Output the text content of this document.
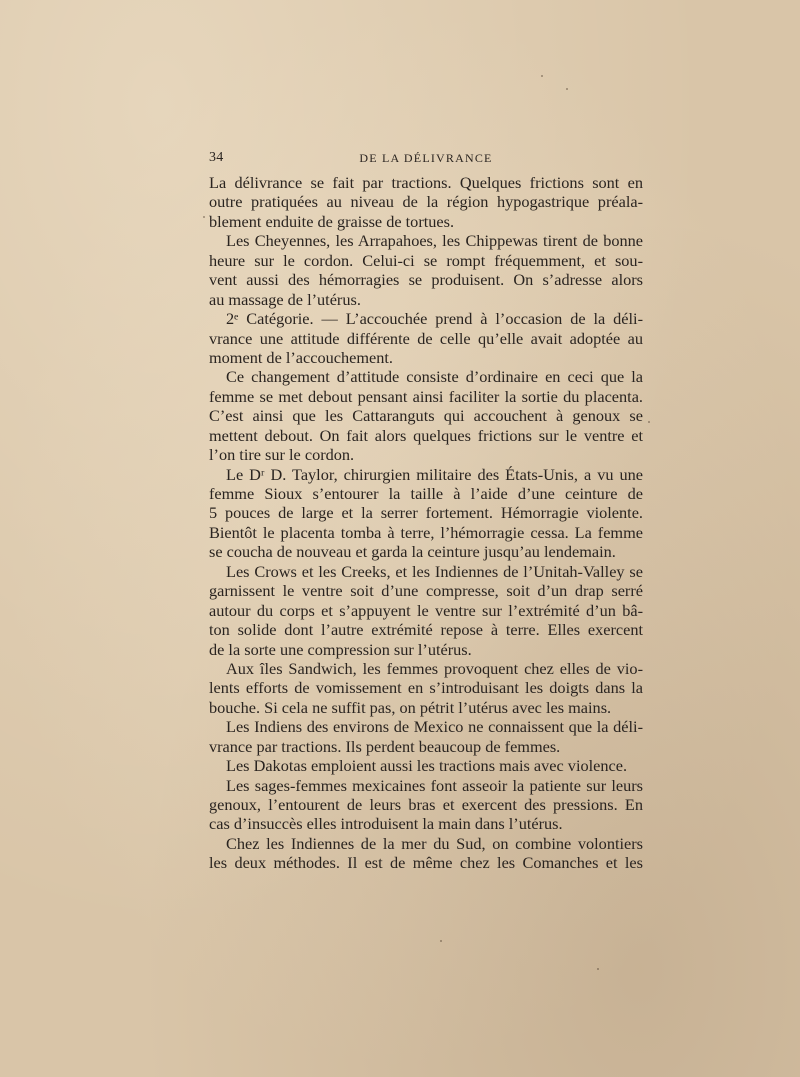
34	DE LA DÉLIVRANCE
La délivrance se fait par tractions. Quelques frictions sont en
outre pratiquées au niveau de la région hypogastrique préala-
blement enduite de graisse de tortues.
Les Cheyennes, les Arrapahoes, les Chippewas tirent de bonne
heure sur le cordon. Celui-ci se rompt fréquemment, et sou-
vent aussi des hémorragies se produisent. On s’adresse alors
au massage de l’utérus.
2ᵉ Catégorie. — L’accouchée prend à l’occasion de la déli-
vrance une attitude différente de celle qu’elle avait adoptée au
moment de l’accouchement.
Ce changement d’attitude consiste d’ordinaire en ceci que la
femme se met debout pensant ainsi faciliter la sortie du placenta.
C’est ainsi que les Cattaranguts qui accouchent à genoux se
mettent debout. On fait alors quelques frictions sur le ventre et
l’on tire sur le cordon.
Le Dʳ D. Taylor, chirurgien militaire des États-Unis, a vu une
femme Sioux s’entourer la taille à l’aide d’une ceinture de
5 pouces de large et la serrer fortement. Hémorragie violente.
Bientôt le placenta tomba à terre, l’hémorragie cessa. La femme
se coucha de nouveau et garda la ceinture jusqu’au lendemain.
Les Crows et les Creeks, et les Indiennes de l’Unitah-Valley se
garnissent le ventre soit d’une compresse, soit d’un drap serré
autour du corps et s’appuyent le ventre sur l’extrémité d’un bâ-
ton solide dont l’autre extrémité repose à terre. Elles exercent
de la sorte une compression sur l’utérus.
Aux îles Sandwich, les femmes provoquent chez elles de vio-
lents efforts de vomissement en s’introduisant les doigts dans la
bouche. Si cela ne suffit pas, on pétrit l’utérus avec les mains.
Les Indiens des environs de Mexico ne connaissent que la déli-
vrance par tractions. Ils perdent beaucoup de femmes.
Les Dakotas emploient aussi les tractions mais avec violence.
Les sages-femmes mexicaines font asseoir la patiente sur leurs
genoux, l’entourent de leurs bras et exercent des pressions. En
cas d’insuccès elles introduisent la main dans l’utérus.
Chez les Indiennes de la mer du Sud, on combine volontiers
les deux méthodes. Il est de même chez les Comanches et les
